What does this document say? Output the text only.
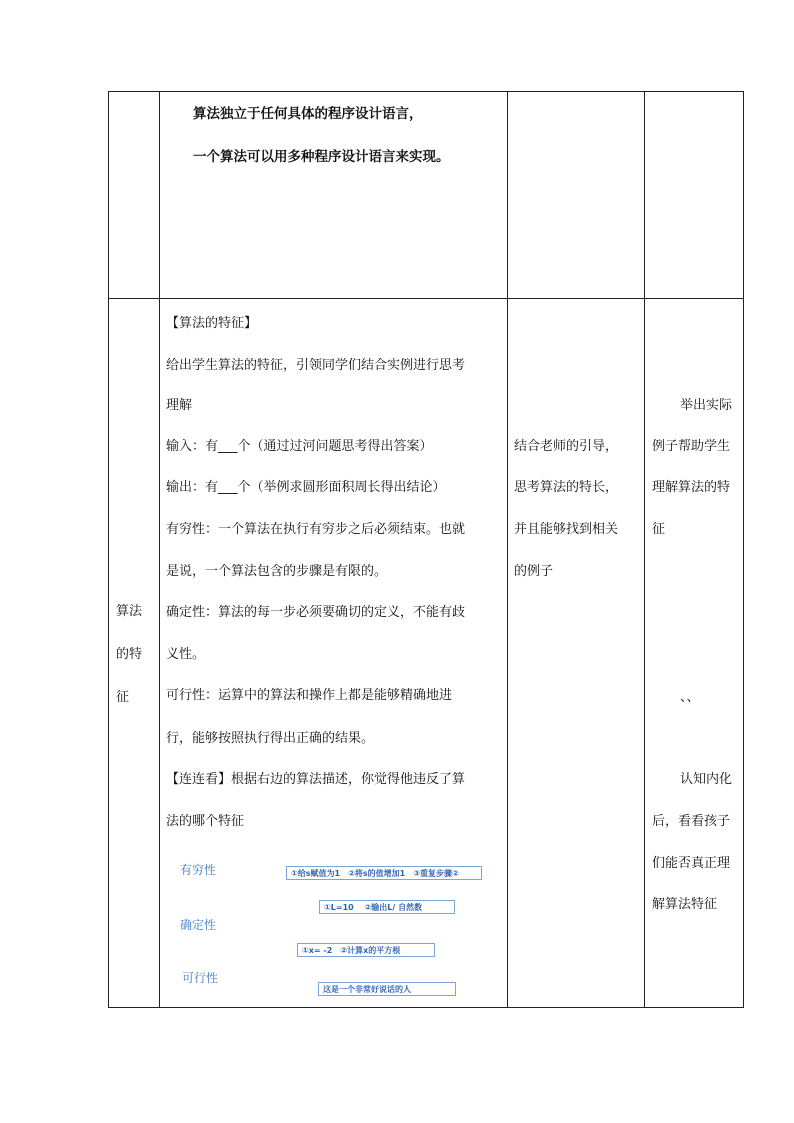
算法独立于任何具体的程序设计语言，
一个算法可以用多种程序设计语言来实现。
算法
的特
征
【算法的特征】
给出学生算法的特征，引领同学们结合实例进行思考
理解
输入：有___个（通过过河问题思考得出答案）
输出：有___个（举例求圆形面积周长得出结论）
有穷性：一个算法在执行有穷步之后必须结束。也就
是说，一个算法包含的步骤是有限的。
确定性：算法的每一步必须要确切的定义，不能有歧
义性。
可行性：运算中的算法和操作上都是能够精确地进
行，能够按照执行得出正确的结果。
【连连看】根据右边的算法描述，你觉得他违反了算
法的哪个特征
有穷性
确定性
可行性
①给s赋值为1　②将s的值增加1　③重复步骤②
①L=10　 ②输出L/ 自然数
①x= -2　②计算x的平方根
这是一个非常好说话的人
结合老师的引导，
思考算法的特长，
并且能够找到相关
的例子
举出实际
例子帮助学生
理解算法的特
征
、、
认知内化
后，看看孩子
们能否真正理
解算法特征
